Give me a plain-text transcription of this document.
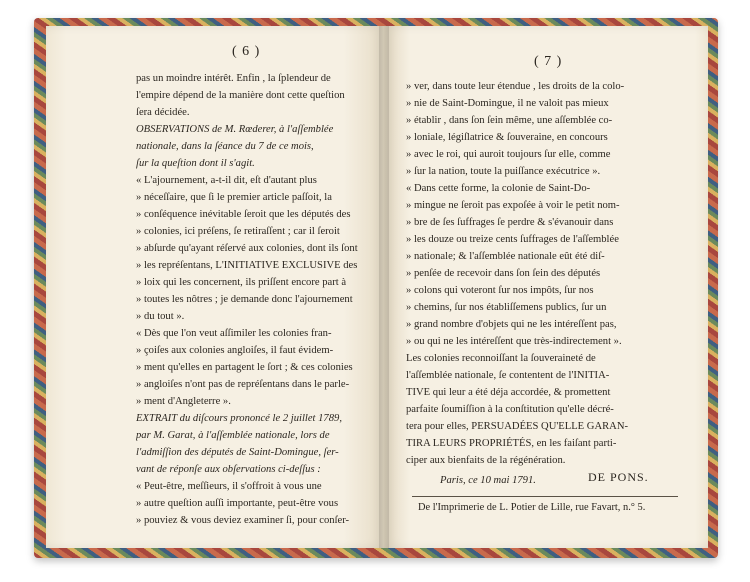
( 6 )
pas un moindre intérêt. Enfin , la ſplendeur de
l'empire dépend de la manière dont cette queſtion
ſera décidée.
OBSERVATIONS de M. Rœderer, à l'aſſemblée
nationale, dans la ſéance du 7 de ce mois,
ſur la queſtion dont il s'agit.
« L'ajournement, a-t-il dit, eſt d'autant plus
» néceſſaire, que ſi le premier article paſſoit, la
» conſéquence inévitable ſeroit que les députés des
» colonies, ici préſens, ſe retiraſſent ; car il ſeroit
» abſurde qu'ayant réſervé aux colonies, dont ils ſont
» les repréſentans, L'INITIATIVE EXCLUSIVE des
» loix qui les concernent, ils priſſent encore part à
» toutes les nôtres ; je demande donc l'ajournement
» du tout ».
« Dès que l'on veut aſſimiler les colonies fran-
» çoiſes aux colonies angloiſes, il faut évidem-
» ment qu'elles en partagent le ſort ; & ces colonies
» angloiſes n'ont pas de repréſentans dans le parle-
» ment d'Angleterre ».
EXTRAIT du diſcours prononcé le 2 juillet 1789,
par M. Garat, à l'aſſemblée nationale, lors de
l'admiſſion des députés de Saint-Domingue, ſer-
vant de réponſe aux obſervations ci-deſſus :
« Peut-être, meſſieurs, il s'offroit à vous une
» autre queſtion auſſi importante, peut-être vous
» pouviez & vous deviez examiner ſi, pour conſer-
( 7 )
» ver, dans toute leur étendue , les droits de la colo-
» nie de Saint-Domingue, il ne valoit pas mieux
» établir , dans ſon ſein même, une aſſemblée co-
» loniale, légiſlatrice & ſouveraine, en concours
» avec le roi, qui auroit toujours ſur elle, comme
» ſur la nation, toute la puiſſance exécutrice ».
« Dans cette forme, la colonie de Saint-Do-
» mingue ne ſeroit pas expoſée à voir le petit nom-
» bre de ſes ſuffrages ſe perdre & s'évanouir dans
» les douze ou treize cents ſuffrages de l'aſſemblée
» nationale; & l'aſſemblée nationale eût été diſ-
» penſée de recevoir dans ſon ſein des députés
» colons qui voteront ſur nos impôts, ſur nos
» chemins, ſur nos établiſſemens publics, ſur un
» grand nombre d'objets qui ne les intéreſſent pas,
» ou qui ne les intéreſſent que très-indirectement ».
Les colonies reconnoiſſant la ſouveraineté de
l'aſſemblée nationale, ſe contentent de l'INITIA-
TIVE qui leur a été déja accordée, & promettent
parfaite ſoumiſſion à la conſtitution qu'elle décré-
tera pour elles, PERSUADÉES QU'ELLE GARAN-
TIRA LEURS PROPRIÉTÉS, en les faiſant parti-
ciper aux bienfaits de la régénération.
Paris, ce 10 mai 1791.	DE PONS.
De l'Imprimerie de L. Potier de Lille, rue Favart, n.° 5.
